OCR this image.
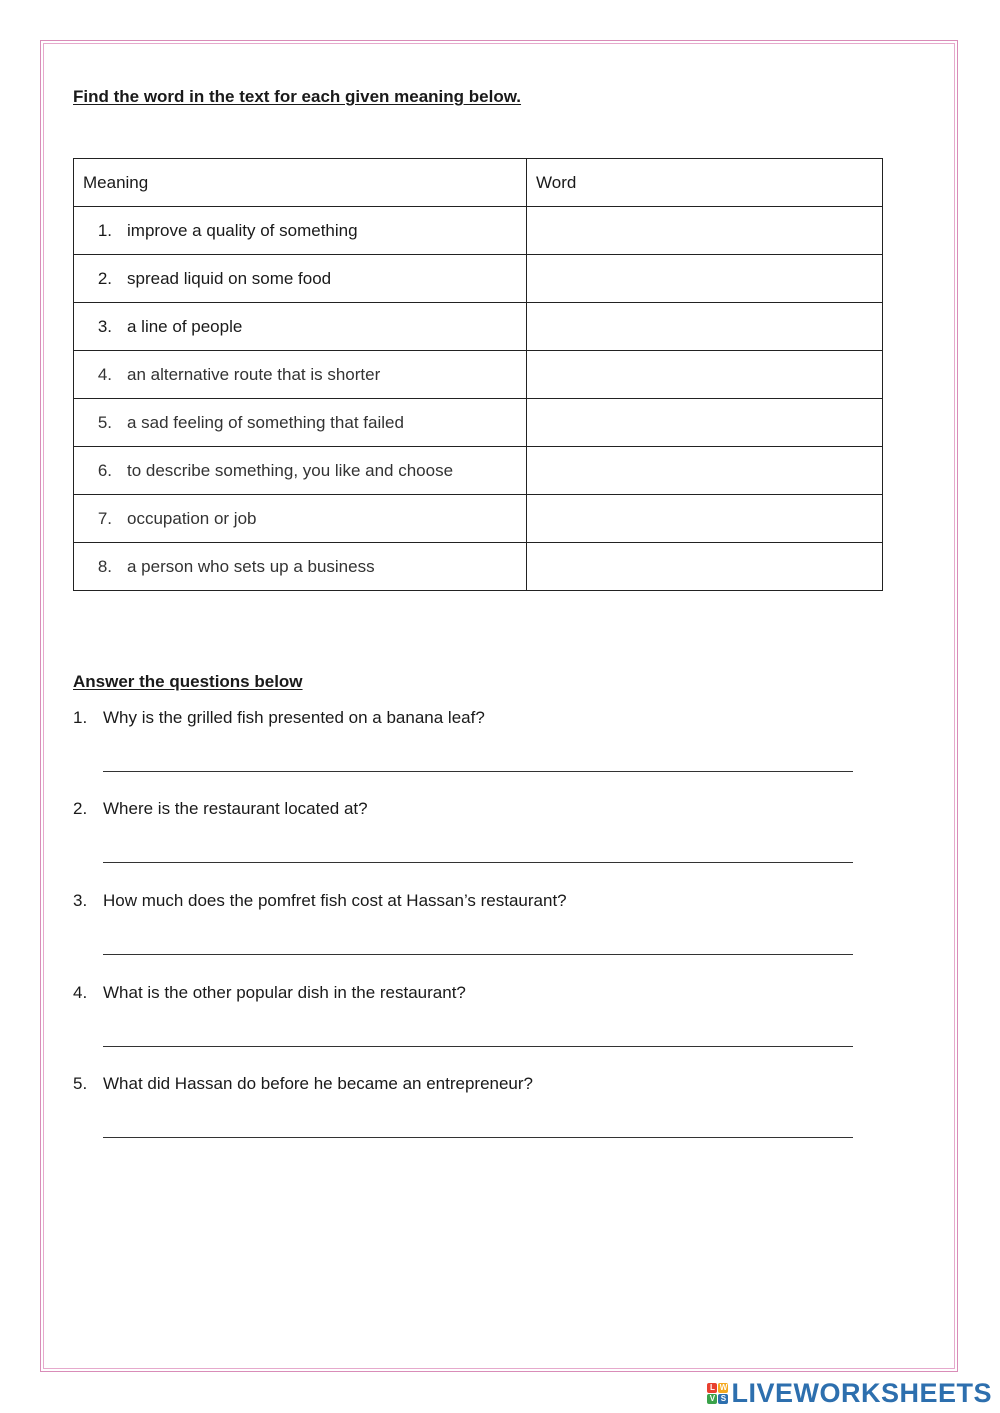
Find the word in the text for each given meaning below.

Meaning	Word
1. improve a quality of something	
2. spread liquid on some food	
3. a line of people	
4. an alternative route that is shorter	
5. a sad feeling of something that failed	
6. to describe something, you like and choose	
7. occupation or job	
8. a person who sets up a business	

Answer the questions below

1. Why is the grilled fish presented on a banana leaf?

2. Where is the restaurant located at?

3. How much does the pomfret fish cost at Hassan’s restaurant?

4. What is the other popular dish in the restaurant?

5. What did Hassan do before he became an entrepreneur?

L W
V S LIVEWORKSHEETS
